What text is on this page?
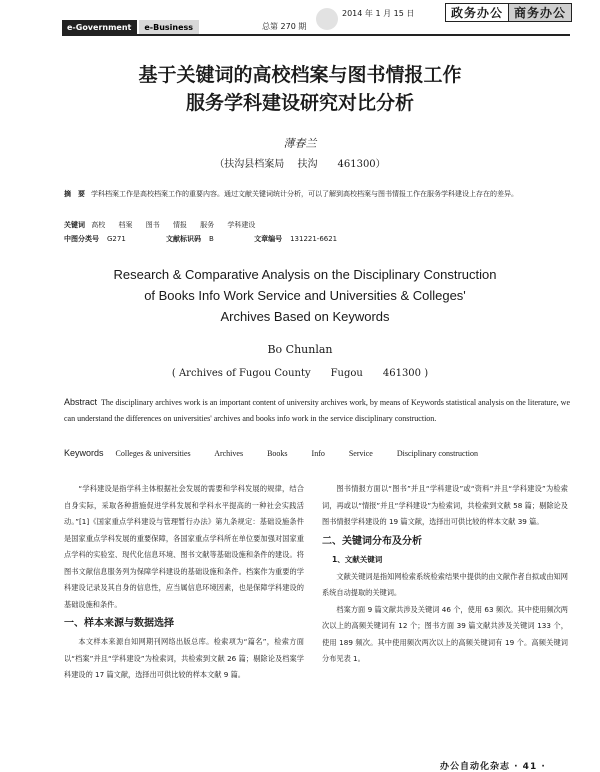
e-Government	e-Business	总第 270 期
2014 年 1 月 15 日	政务办公 商务办公
基于关键词的高校档案与图书情报工作
服务学科建设研究对比分析
薄春兰
（扶沟县档案局　 扶沟　　461300）
摘　要 学科档案工作是高校档案工作的重要内容。通过文献关键词统计分析，可以了解到高校档案与图书情报工作在服务学科建设上存在的差异。
关键词 高校 档案 图书 情报 服务 学科建设
中图分类号 G271	文献标识码 B	文章编号 131221-6621
Research & Comparative Analysis on the Disciplinary Construction
of Books Info Work Service and Universities & Colleges'
Archives Based on Keywords
Bo Chunlan
( Archives of Fugou County　　Fugou　　461300 )
Abstract The disciplinary archives work is an important content of university archives work, by means of Keywords statistical analysis on the literature, we can understand the differences on universities' archives and books info work in the service disciplinary construction.
Keywords Colleges & universities	Archives	Books	Info	Service	Disciplinary construction

“学科建设是指学科主体根据社会发展的需要和学科发展的规律，结合自身实际，采取各种措施促进学科发展和学科水平提高的一种社会实践活动。”[1]《国家重点学科建设与管理暂行办法》第九条规定：基础设施条件是国家重点学科发展的重要保障，各国家重点学科所在单位要加强对国家重点学科的实验室、现代化信息环境、图书文献等基础设施和条件的建设。将图书文献信息服务列为保障学科建设的基础设施和条件。档案作为重要的学科建设记录及其自身的信息性，应当属信息环境因素，也是保障学科建设的基础设施和条件。

一、样本来源与数据选择

本文样本来源自知网期刊网络出版总库。检索项为“篇名”，检索方面以“档案”并且“学科建设”为检索词，共检索到文献 26 篇；剔除论及档案学科建设的 17 篇文献，选择出可供比较的样本文献 9 篇。

图书情报方面以“图书”并且“学科建设”或“资料”并且“学科建设”为检索词，再或以“情报”并且“学科建设”为检索词，共检索到文献 58 篇；剔除论及图书情报学科建设的 19 篇文献，选择出可供比较的样本文献 39 篇。

二、关键词分布及分析
1、文献关键词

文献关键词是指知网检索系统检索结果中提供的由文献作者自拟或由知网系统自动提取的关键词。

档案方面 9 篇文献共涉及关键词 46 个，使用 63 频次。其中使用频次两次以上的高频关键词有 12 个；图书方面 39 篇文献共涉及关键词 133 个，使用 189 频次。其中使用频次两次以上的高频关键词有 19 个。高频关键词分布见表 1。

办公自动化杂志 · 41 ·
